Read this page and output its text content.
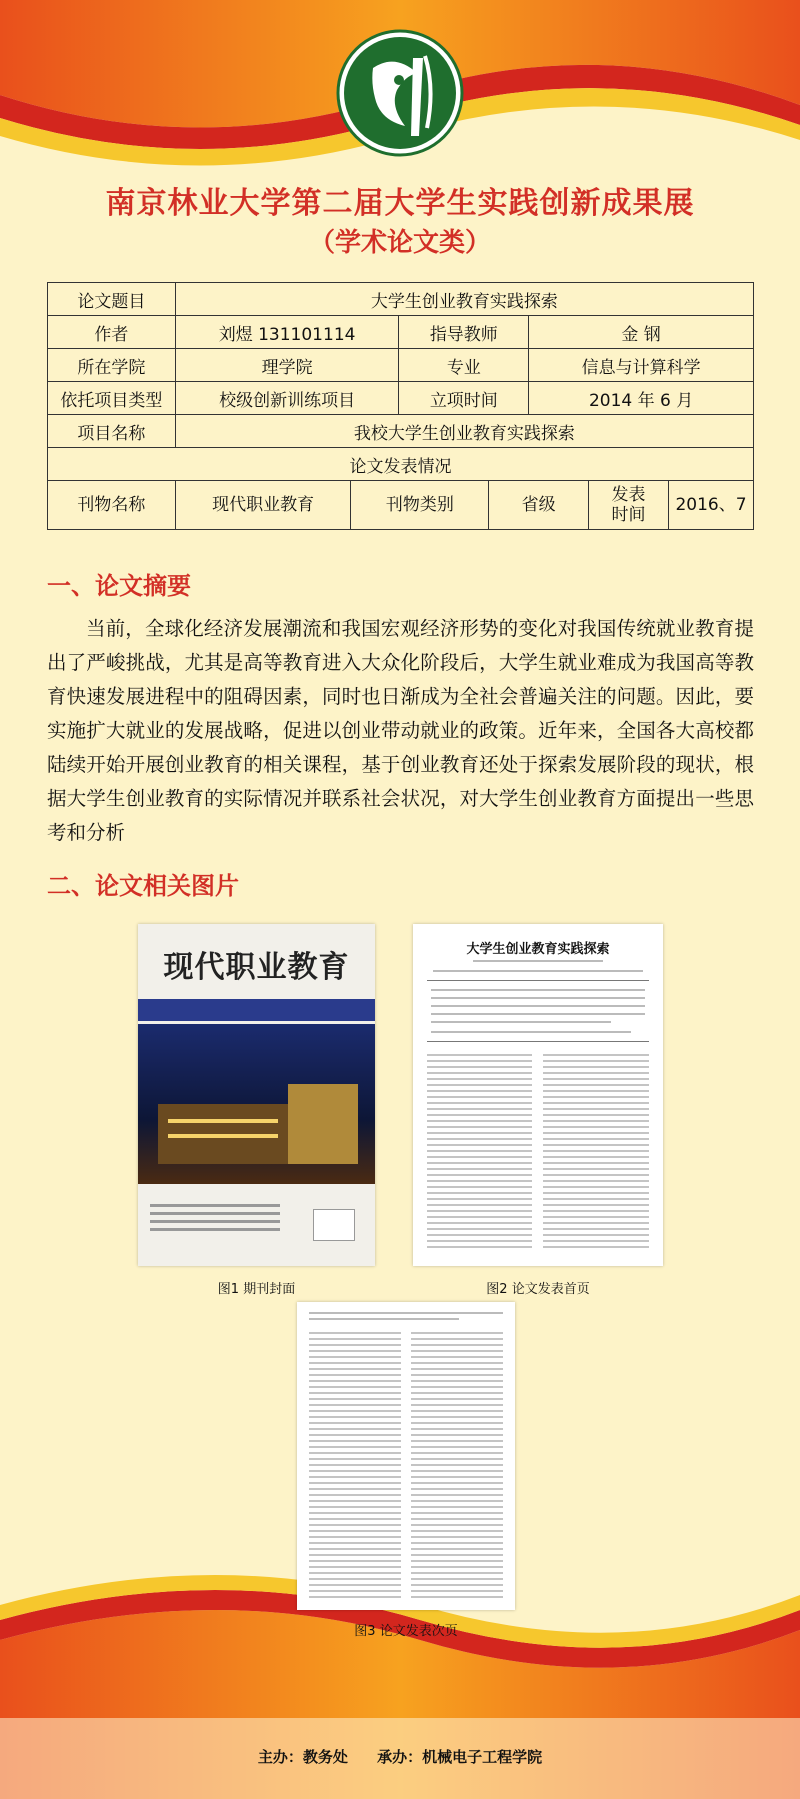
南京林业大学第二届大学生实践创新成果展
（学术论文类）
论文题目	大学生创业教育实践探索						
作者	刘煜 131101114		指导教师		金 钢		
所在学院	理学院		专业		信息与计算科学		
依托项目类型	校级创新训练项目		立项时间		2014 年 6 月		
项目名称	我校大学生创业教育实践探索						
论文发表情况							
刊物名称	现代职业教育	刊物类别		省级		发表时间	2016、7
一、论文摘要
当前，全球化经济发展潮流和我国宏观经济形势的变化对我国传统就业教育提出了严峻挑战，尤其是高等教育进入大众化阶段后，大学生就业难成为我国高等教育快速发展进程中的阻碍因素，同时也日渐成为全社会普遍关注的问题。因此，要实施扩大就业的发展战略，促进以创业带动就业的政策。近年来，全国各大高校都陆续开始开展创业教育的相关课程，基于创业教育还处于探索发展阶段的现状，根据大学生创业教育的实际情况并联系社会状况，对大学生创业教育方面提出一些思考和分析
二、论文相关图片
现代职业教育
图1 期刊封面
大学生创业教育实践探索
图2 论文发表首页
图3 论文发表次页
主办：教务处 承办：机械电子工程学院
